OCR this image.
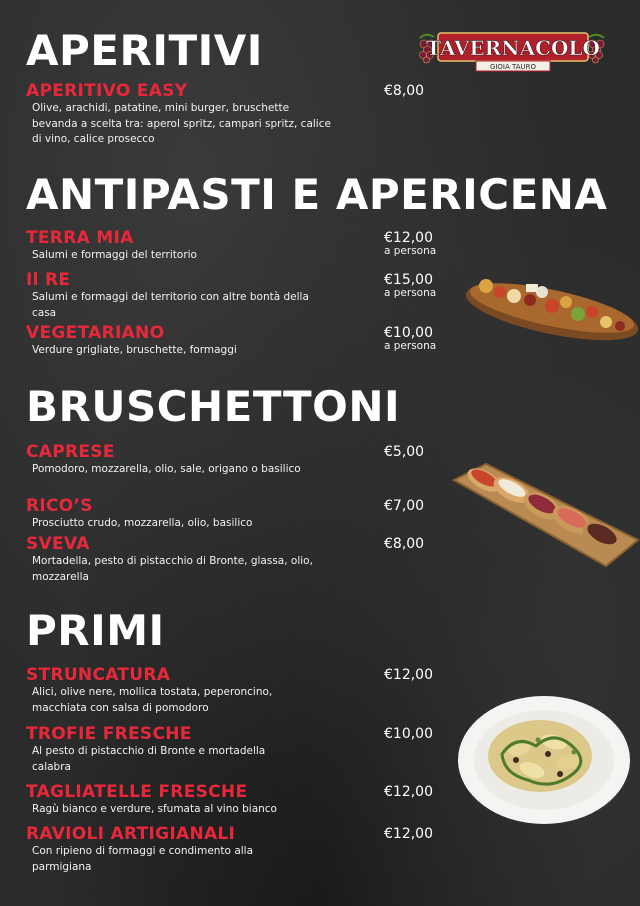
TAVERNACOLO
GIOIA TAURO
APERITIVI
APERITIVO EASY
Olive, arachidi, patatine, mini burger, bruschette bevanda a scelta tra: aperol spritz, campari spritz, calice di vino, calice prosecco
€8,00
ANTIPASTI E APERICENA
TERRA MIA
Salumi e formaggi del territorio
€12,00
a persona
Il RE
Salumi e formaggi del territorio con altre bontà della casa
€15,00
a persona
VEGETARIANO
Verdure grigliate, bruschette, formaggi
€10,00
a persona
BRUSCHETTONI
CAPRESE
Pomodoro, mozzarella, olio, sale, origano o basilico
€5,00
RICO’S
Prosciutto crudo, mozzarella, olio, basilico
€7,00
SVEVA
Mortadella, pesto di pistacchio di Bronte, glassa, olio, mozzarella
€8,00
PRIMI
STRUNCATURA
Alici, olive nere, mollica tostata, peperoncino, macchiata con salsa di pomodoro
€12,00
TROFIE FRESCHE
Al pesto di pistacchio di Bronte e mortadella calabra
€10,00
TAGLIATELLE FRESCHE
Ragù bianco e verdure, sfumata al vino bianco
€12,00
RAVIOLI ARTIGIANALI
Con ripieno di formaggi e condimento alla parmigiana
€12,00
